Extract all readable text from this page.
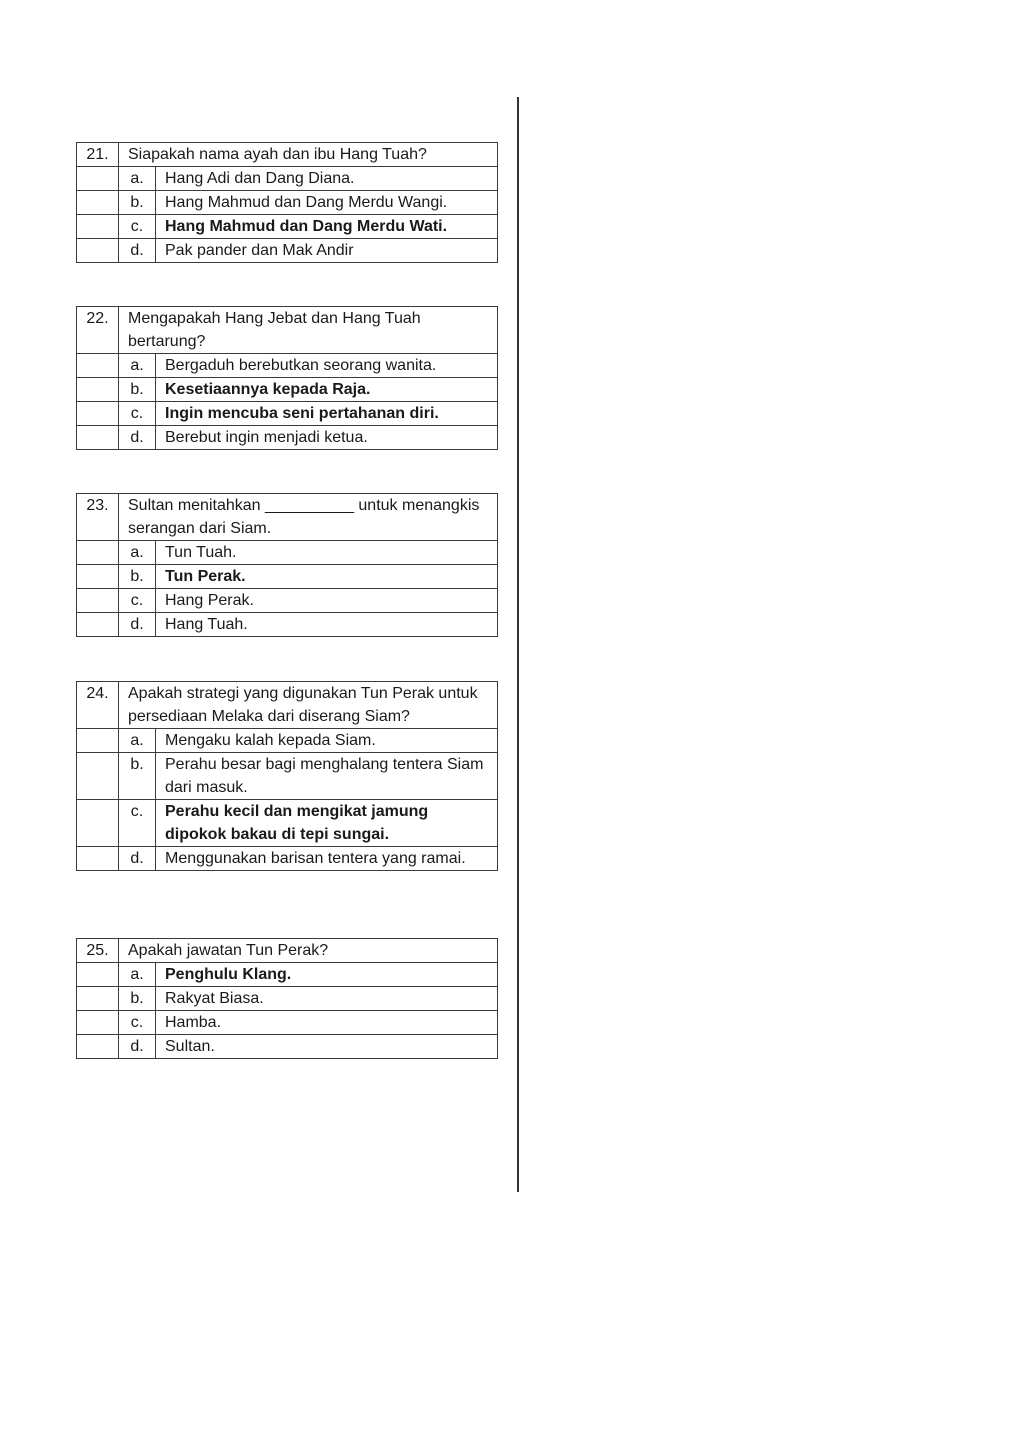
21.	Siapakah nama ayah dan ibu Hang Tuah?	
	a.	Hang Adi dan Dang Diana.
	b.	Hang Mahmud dan Dang Merdu Wangi.
	c.	Hang Mahmud dan Dang Merdu Wati.
	d.	Pak pander dan Mak Andir
22.	Mengapakah Hang Jebat dan Hang Tuah bertarung?	
	a.	Bergaduh berebutkan seorang wanita.
	b.	Kesetiaannya kepada Raja.
	c.	Ingin mencuba seni pertahanan diri.
	d.	Berebut ingin menjadi ketua.
23.	Sultan menitahkan __________ untuk menangkis serangan dari Siam.	
	a.	Tun Tuah.
	b.	Tun Perak.
	c.	Hang Perak.
	d.	Hang Tuah.
24.	Apakah strategi yang digunakan Tun Perak untuk persediaan Melaka dari diserang Siam?	
	a.	Mengaku kalah kepada Siam.
	b.	Perahu besar bagi menghalang tentera Siam dari masuk.
	c.	Perahu kecil dan mengikat jamung dipokok bakau di tepi sungai.
	d.	Menggunakan barisan tentera yang ramai.
25.	Apakah jawatan Tun Perak?	
	a.	Penghulu Klang.
	b.	Rakyat Biasa.
	c.	Hamba.
	d.	Sultan.
